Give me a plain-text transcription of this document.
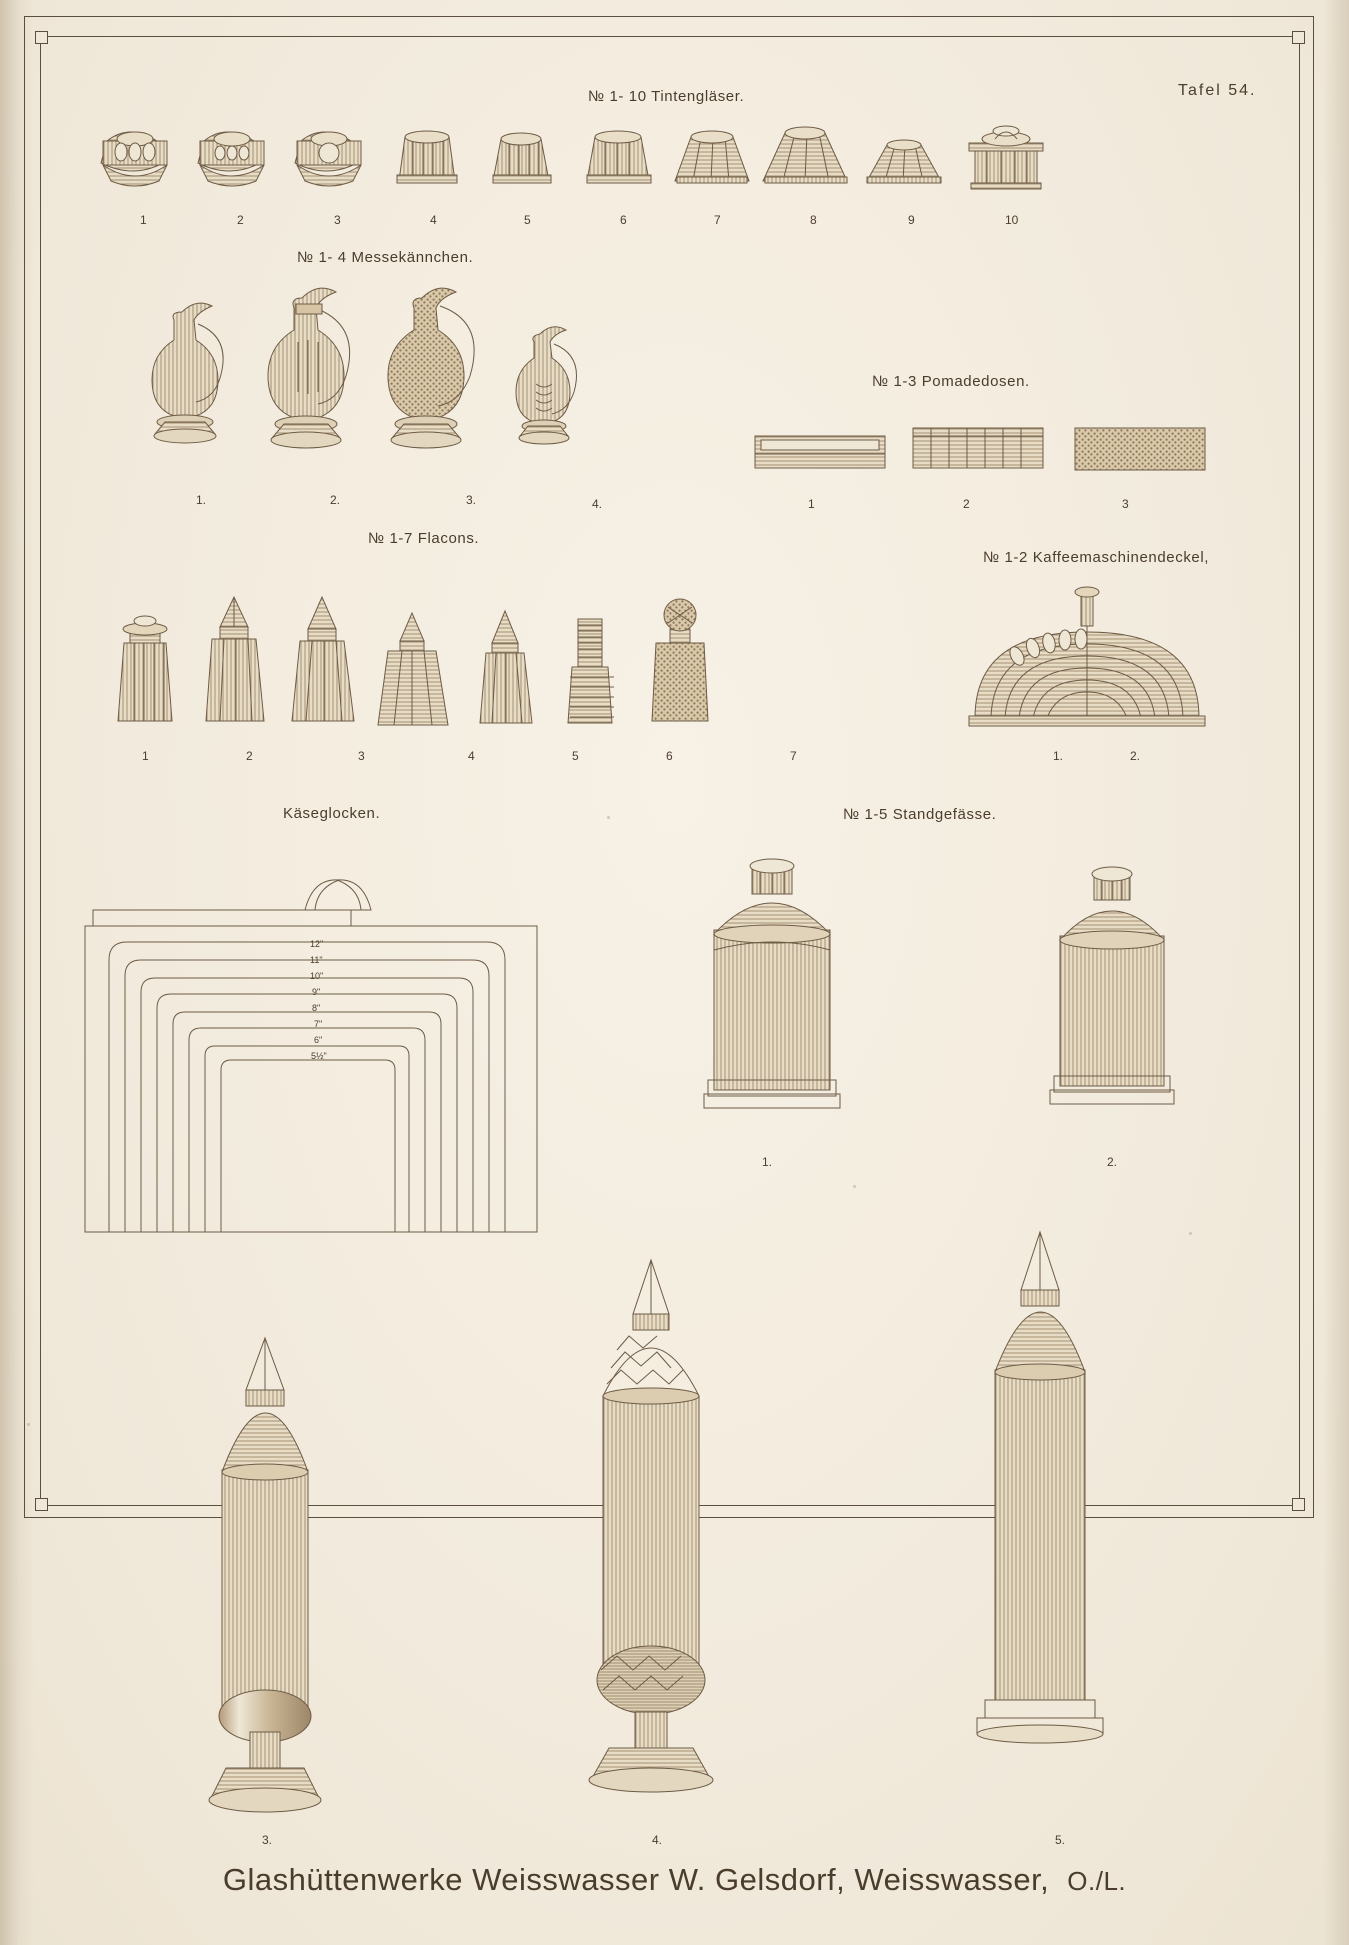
№ 1- 10 Tintengläser.	Tafel 54.
1	2	3	4	5	6	7	8	9	10
№ 1- 4 Messekännchen.
1.	2.	3.	4.
№ 1-3 Pomadedosen.
1	2	3
№ 1-7 Flacons.
1	2	3	4	5	6	7
№ 1-2 Kaffeemaschinendeckel,
1.	2.
Käseglocken.
12"
11"
10"
9"
8"
7"
6"
5½"
№ 1-5 Standgefässe.
1.	2.
3.	4.	5.
Glashüttenwerke Weisswasser W. Gelsdorf, Weisswasser, O./L.
